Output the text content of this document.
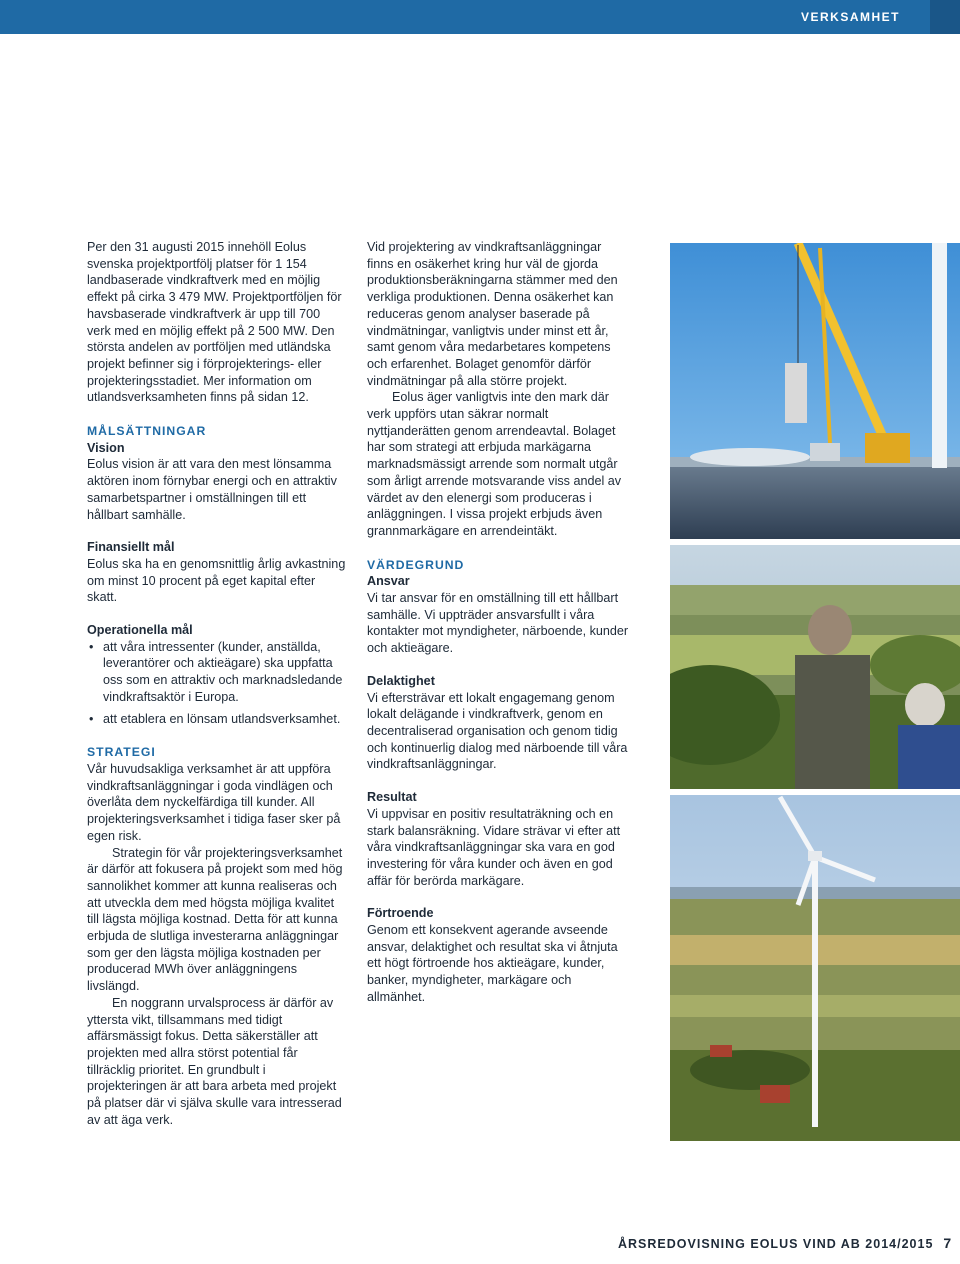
VERKSAMHET

Per den 31 augusti 2015 innehöll Eolus svenska projektportfölj platser för 1 154 landbaserade vindkraftverk med en möjlig effekt på cirka 3 479 MW. Projektportföljen för havsbaserade vindkraftverk är upp till 700 verk med en möjlig effekt på 2 500 MW. Den största andelen av portföljen med utländska projekt befinner sig i förprojekterings- eller projekteringsstadiet. Mer information om utlandsverksamheten finns på sidan 12.

MÅLSÄTTNINGAR

Vision

Eolus vision är att vara den mest lönsamma aktören inom förnybar energi och en attraktiv samarbetspartner i omställningen till ett hållbart samhälle.

Finansiellt mål

Eolus ska ha en genomsnittlig årlig avkastning om minst 10 procent på eget kapital efter skatt.

Operationella mål

• att våra intressenter (kunder, anställda, leverantörer och aktieägare) ska uppfatta oss som en attraktiv och marknadsledande vindkraftsaktör i Europa.
• att etablera en lönsam utlandsverksamhet.

STRATEGI

Vår huvudsakliga verksamhet är att uppföra vindkraftsanläggningar i goda vindlägen och överlåta dem nyckelfärdiga till kunder. All projekteringsverksamhet i tidiga faser sker på egen risk.

Strategin för vår projekteringsverksamhet är därför att fokusera på projekt som med hög sannolikhet kommer att kunna realiseras och att utveckla dem med högsta möjliga kvalitet till lägsta möjliga kostnad. Detta för att kunna erbjuda de slutliga investerarna anläggningar som ger den lägsta möjliga kostnaden per producerad MWh över anläggningens livslängd.

En noggrann urvalsprocess är därför av yttersta vikt, tillsammans med tidigt affärsmässigt fokus. Detta säkerställer att projekten med allra störst potential får tillräcklig prioritet. En grundbult i projekteringen är att bara arbeta med projekt på platser där vi själva skulle vara intresserad av att äga verk.

Vid projektering av vindkraftsanläggningar finns en osäkerhet kring hur väl de gjorda produktionsberäkningarna stämmer med den verkliga produktionen. Denna osäkerhet kan reduceras genom analyser baserade på vindmätningar, vanligtvis under minst ett år, samt genom våra medarbetares kompetens och erfarenhet. Bolaget genomför därför vindmätningar på alla större projekt.

Eolus äger vanligtvis inte den mark där verk uppförs utan säkrar normalt nyttjanderätten genom arrendeavtal. Bolaget har som strategi att erbjuda markägarna marknadsmässigt arrende som normalt utgår som årligt arrende motsvarande viss andel av värdet av den elenergi som produceras i anläggningen. I vissa projekt erbjuds även grannmarkägare en arrendeintäkt.

VÄRDEGRUND

Ansvar

Vi tar ansvar för en omställning till ett hållbart samhälle. Vi uppträder ansvarsfullt i våra kontakter mot myndigheter, närboende, kunder och aktieägare.

Delaktighet

Vi eftersträvar ett lokalt engagemang genom lokalt delägande i vindkraftverk, genom en decentraliserad organisation och genom tidig och kontinuerlig dialog med närboende till våra vindkraftsanläggningar.

Resultat

Vi uppvisar en positiv resultaträkning och en stark balansräkning. Vidare strävar vi efter att våra vindkraftsanläggningar ska vara en god investering för våra kunder och även en god affär för berörda markägare.

Förtroende

Genom ett konsekvent agerande avseende ansvar, delaktighet och resultat ska vi åtnjuta ett högt förtroende hos aktieägare, kunder, banker, myndigheter, markägare och allmänhet.

ÅRSREDOVISNING EOLUS VIND AB 2014/2015 7
